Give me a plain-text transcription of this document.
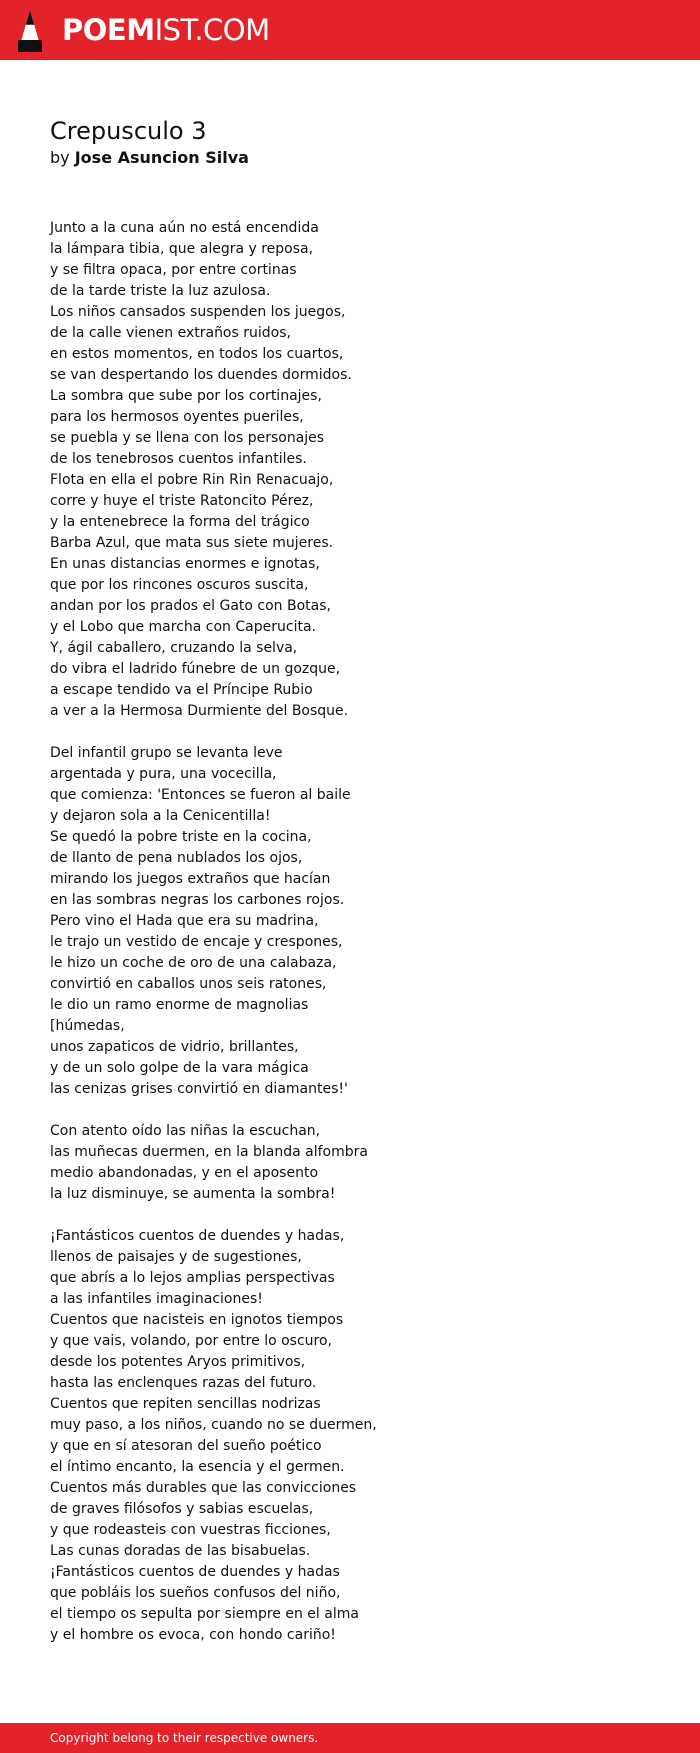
POEMIST.COM
Crepusculo 3
by Jose Asuncion Silva
Junto a la cuna aún no está encendida
la lámpara tibia, que alegra y reposa,
y se filtra opaca, por entre cortinas
de la tarde triste la luz azulosa.
Los niños cansados suspenden los juegos,
de la calle vienen extraños ruidos,
en estos momentos, en todos los cuartos,
se van despertando los duendes dormidos.
La sombra que sube por los cortinajes,
para los hermosos oyentes pueriles,
se puebla y se llena con los personajes
de los tenebrosos cuentos infantiles.
Flota en ella el pobre Rin Rin Renacuajo,
corre y huye el triste Ratoncito Pérez,
y la entenebrece la forma del trágico
Barba Azul, que mata sus siete mujeres.
En unas distancias enormes e ignotas,
que por los rincones oscuros suscita,
andan por los prados el Gato con Botas,
y el Lobo que marcha con Caperucita.
Y, ágil caballero, cruzando la selva,
do vibra el ladrido fúnebre de un gozque,
a escape tendido va el Príncipe Rubio
a ver a la Hermosa Durmiente del Bosque.
Del infantil grupo se levanta leve
argentada y pura, una vocecilla,
que comienza: 'Entonces se fueron al baile
y dejaron sola a la Cenicentilla!
Se quedó la pobre triste en la cocina,
de llanto de pena nublados los ojos,
mirando los juegos extraños que hacían
en las sombras negras los carbones rojos.
Pero vino el Hada que era su madrina,
le trajo un vestido de encaje y crespones,
le hizo un coche de oro de una calabaza,
convirtió en caballos unos seis ratones,
le dio un ramo enorme de magnolias
[húmedas,
unos zapaticos de vidrio, brillantes,
y de un solo golpe de la vara mágica
las cenizas grises convirtió en diamantes!'
Con atento oído las niñas la escuchan,
las muñecas duermen, en la blanda alfombra
medio abandonadas, y en el aposento
la luz disminuye, se aumenta la sombra!
¡Fantásticos cuentos de duendes y hadas,
llenos de paisajes y de sugestiones,
que abrís a lo lejos amplias perspectivas
a las infantiles imaginaciones!
Cuentos que nacisteis en ignotos tiempos
y que vais, volando, por entre lo oscuro,
desde los potentes Aryos primitivos,
hasta las enclenques razas del futuro.
Cuentos que repiten sencillas nodrizas
muy paso, a los niños, cuando no se duermen,
y que en sí atesoran del sueño poético
el íntimo encanto, la esencia y el germen.
Cuentos más durables que las convicciones
de graves filósofos y sabias escuelas,
y que rodeasteis con vuestras ficciones,
Las cunas doradas de las bisabuelas.
¡Fantásticos cuentos de duendes y hadas
que pobláis los sueños confusos del niño,
el tiempo os sepulta por siempre en el alma
y el hombre os evoca, con hondo cariño!
Copyright belong to their respective owners.
